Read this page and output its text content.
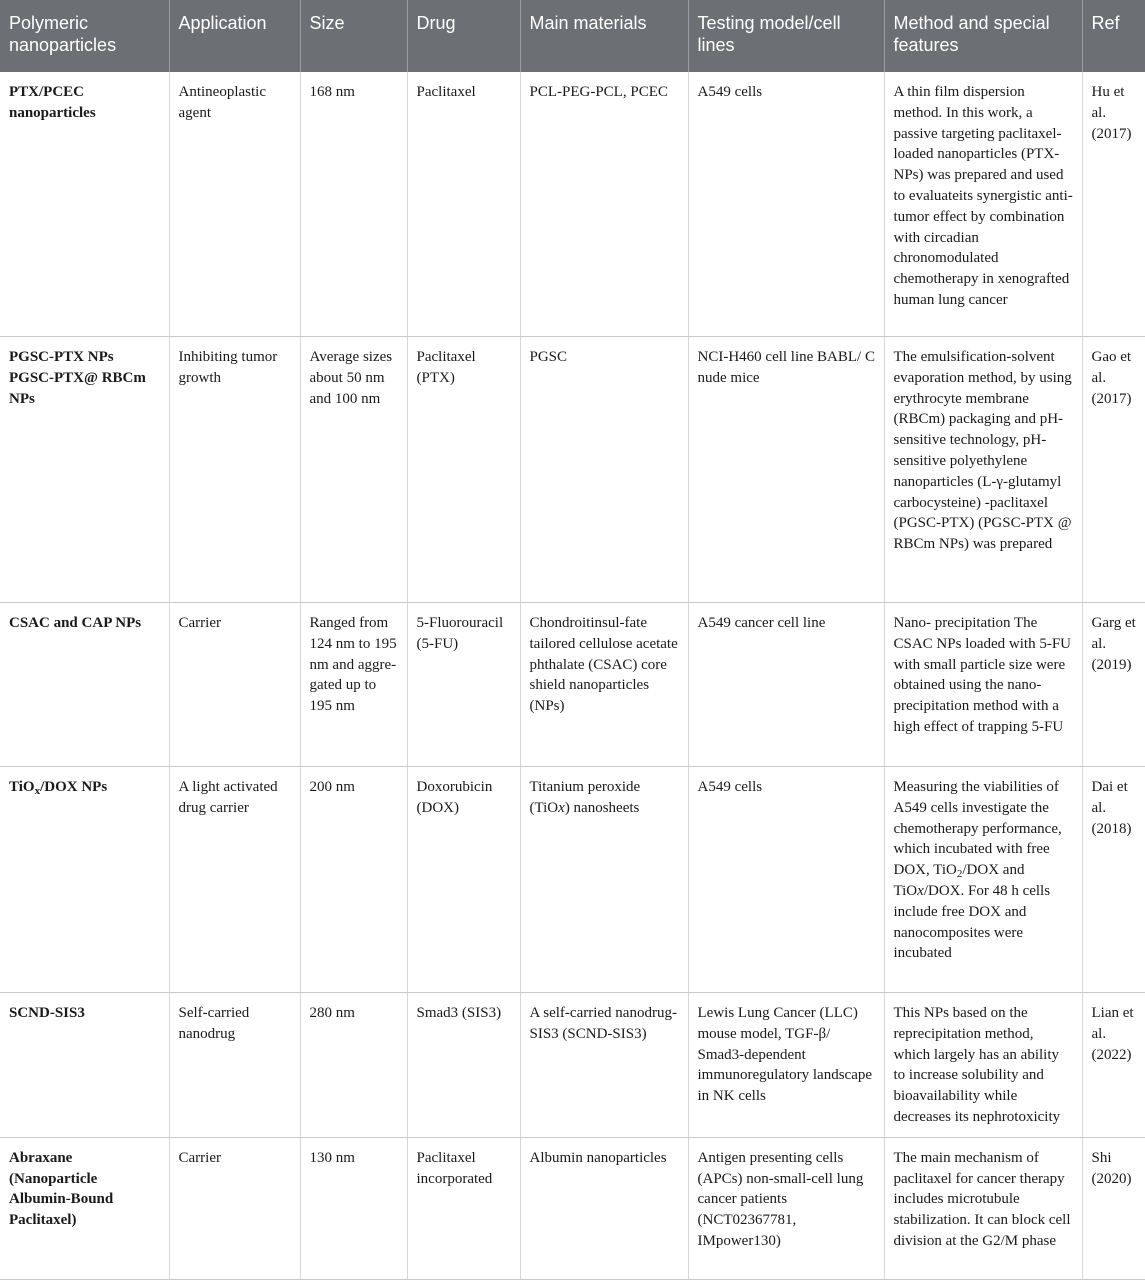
Polymeric nanoparticles	Application	Size	Drug	Main materials	Testing model/cell lines	Method and special features	Ref
PTX/PCEC nanoparticles	Antineoplastic agent	168 nm	Paclitaxel	PCL-PEG-PCL, PCEC	A549 cells	A thin film dispersion method. In this work, a passive targeting paclitaxel-loaded nanoparticles (PTX-NPs) was prepared and used to evaluateits synergistic anti-tumor effect by combination with circadian chronomodulated chemotherapy in xenografted human lung cancer	Hu et al. (2017)
PGSC-PTX NPs PGSC-PTX@ RBCm NPs	Inhibiting tumor growth	Average sizes about 50 nm and 100 nm	Paclitaxel (PTX)	PGSC	NCI-H460 cell line BABL/ C nude mice	The emulsification-solvent evaporation method, by using erythrocyte membrane (RBCm) packaging and pH-sensitive technology, pH-sensitive polyethylene nanoparticles (L-γ-glutamyl carbocysteine) -paclitaxel (PGSC-PTX) (PGSC-PTX @ RBCm NPs) was prepared	Gao et al. (2017)
CSAC and CAP NPs	Carrier	Ranged from 124 nm to 195 nm and aggre-gated up to 195 nm	5-Fluorouracil (5-FU)	Chondroitinsul-fate tailored cellulose acetate phthalate (CSAC) core shield nanoparticles (NPs)	A549 cancer cell line	Nano- precipitation The CSAC NPs loaded with 5-FU with small particle size were obtained using the nano- precipitation method with a high effect of trapping 5-FU	Garg et al. (2019)
TiO$_x$/DOX NPs	A light activated drug carrier	200 nm	Doxorubicin (DOX)	Titanium peroxide (TiOx) nanosheets	A549 cells	Measuring the viabilities of A549 cells investigate the chemotherapy performance, which incubated with free DOX, TiO$_2$/DOX and TiOx/DOX. For 48 h cells include free DOX and nanocomposites were incubated	Dai et al. (2018)
SCND-SIS3	Self-carried nanodrug	280 nm	Smad3 (SIS3)	A self-carried nanodrug-SIS3 (SCND-SIS3)	Lewis Lung Cancer (LLC) mouse model, TGF-β/ Smad3-dependent immunoregulatory landscape in NK cells	This NPs based on the reprecipitation method, which largely has an ability to increase solubility and bioavailability while decreases its nephrotoxicity	Lian et al. (2022)
Abraxane (Nanoparticle Albumin-Bound Paclitaxel)	Carrier	130 nm	Paclitaxel incorporated	Albumin nanoparticles	Antigen presenting cells (APCs) non-small-cell lung cancer patients (NCT02367781, IMpower130)	The main mechanism of paclitaxel for cancer therapy includes microtubule stabilization. It can block cell division at the G2/M phase	Shi (2020)
